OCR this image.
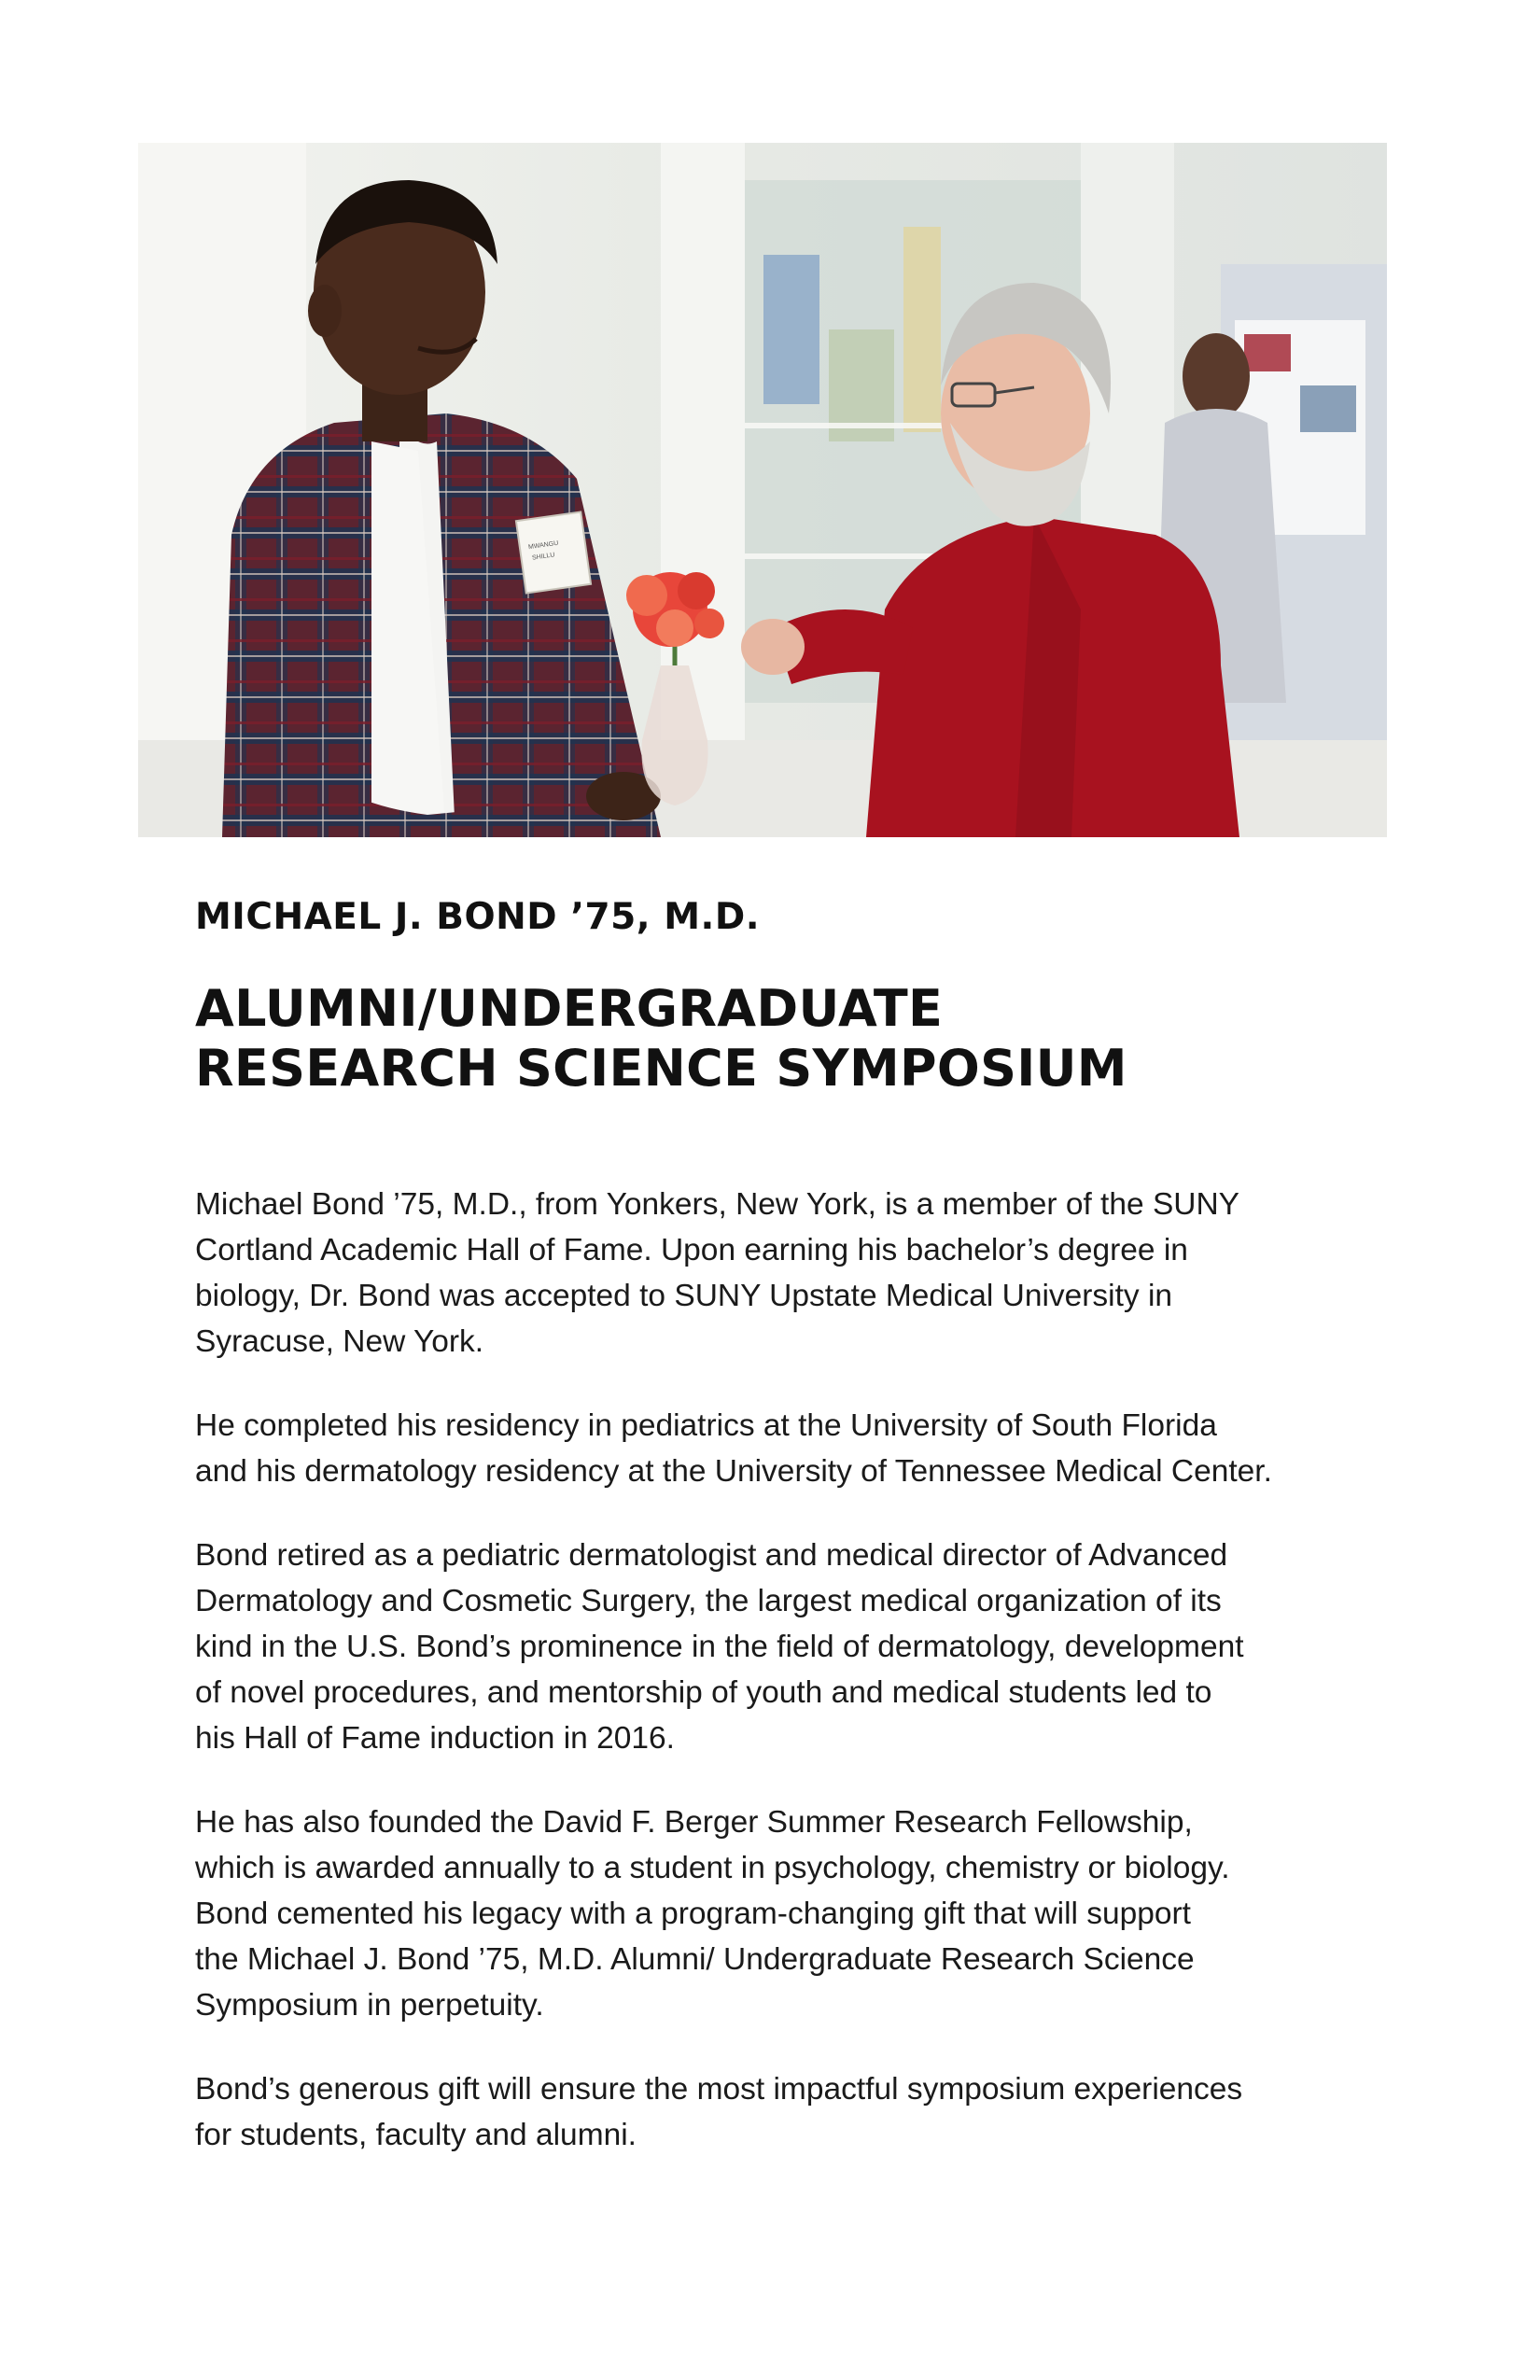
MWANGU
SHILLU
MICHAEL J. BOND ’75, M.D.
ALUMNI/UNDERGRADUATE
RESEARCH SCIENCE SYMPOSIUM

Michael Bond ’75, M.D., from Yonkers, New York, is a member of the SUNY
Cortland Academic Hall of Fame. Upon earning his bachelor’s degree in
biology, Dr. Bond was accepted to SUNY Upstate Medical University in
Syracuse, New York.

He completed his residency in pediatrics at the University of South Florida
and his dermatology residency at the University of Tennessee Medical Center.

Bond retired as a pediatric dermatologist and medical director of Advanced
Dermatology and Cosmetic Surgery, the largest medical organization of its
kind in the U.S. Bond’s prominence in the field of dermatology, development
of novel procedures, and mentorship of youth and medical students led to
his Hall of Fame induction in 2016.

He has also founded the David F. Berger Summer Research Fellowship,
which is awarded annually to a student in psychology, chemistry or biology.
Bond cemented his legacy with a program-changing gift that will support
the Michael J. Bond ’75, M.D. Alumni/ Undergraduate Research Science
Symposium in perpetuity.

Bond’s generous gift will ensure the most impactful symposium experiences
for students, faculty and alumni.
